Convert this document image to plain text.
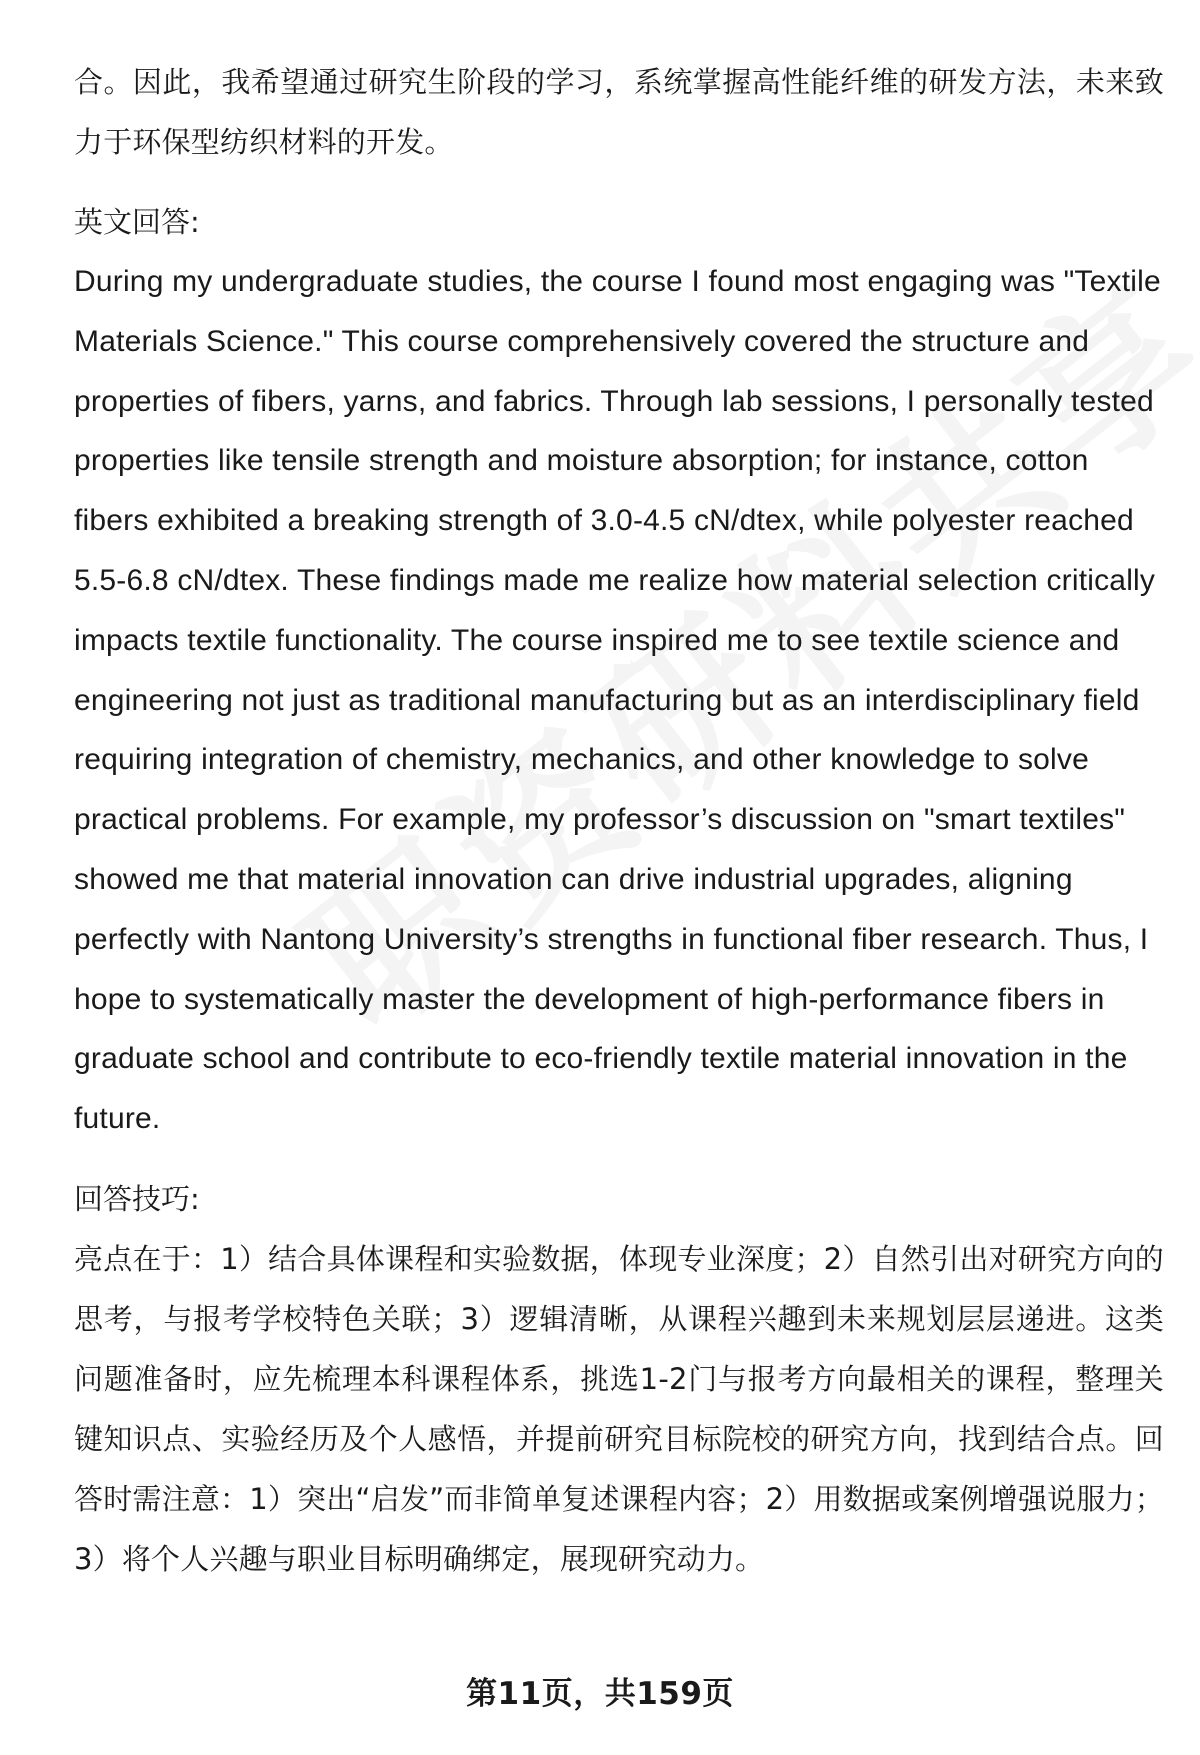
合。因此，我希望通过研究生阶段的学习，系统掌握高性能纤维的研发方法，未来致力于环保型纺织材料的开发。

英文回答:

During my undergraduate studies, the course I found most engaging was "Textile Materials Science." This course comprehensively covered the structure and properties of fibers, yarns, and fabrics. Through lab sessions, I personally tested properties like tensile strength and moisture absorption; for instance, cotton fibers exhibited a breaking strength of 3.0-4.5 cN/dtex, while polyester reached 5.5-6.8 cN/dtex. These findings made me realize how material selection critically impacts textile functionality. The course inspired me to see textile science and engineering not just as traditional manufacturing but as an interdisciplinary field requiring integration of chemistry, mechanics, and other knowledge to solve practical problems. For example, my professor’s discussion on "smart textiles" showed me that material innovation can drive industrial upgrades, aligning perfectly with Nantong University’s strengths in functional fiber research. Thus, I hope to systematically master the development of high-performance fibers in graduate school and contribute to eco-friendly textile material innovation in the future.

回答技巧:

亮点在于：1）结合具体课程和实验数据，体现专业深度；2）自然引出对研究方向的思考，与报考学校特色关联；3）逻辑清晰，从课程兴趣到未来规划层层递进。这类问题准备时，应先梳理本科课程体系，挑选1-2门与报考方向最相关的课程，整理关键知识点、实验经历及个人感悟，并提前研究目标院校的研究方向，找到结合点。回答时需注意：1）突出“启发”而非简单复述课程内容；2）用数据或案例增强说服力；3）将个人兴趣与职业目标明确绑定，展现研究动力。

第11页，共159页
